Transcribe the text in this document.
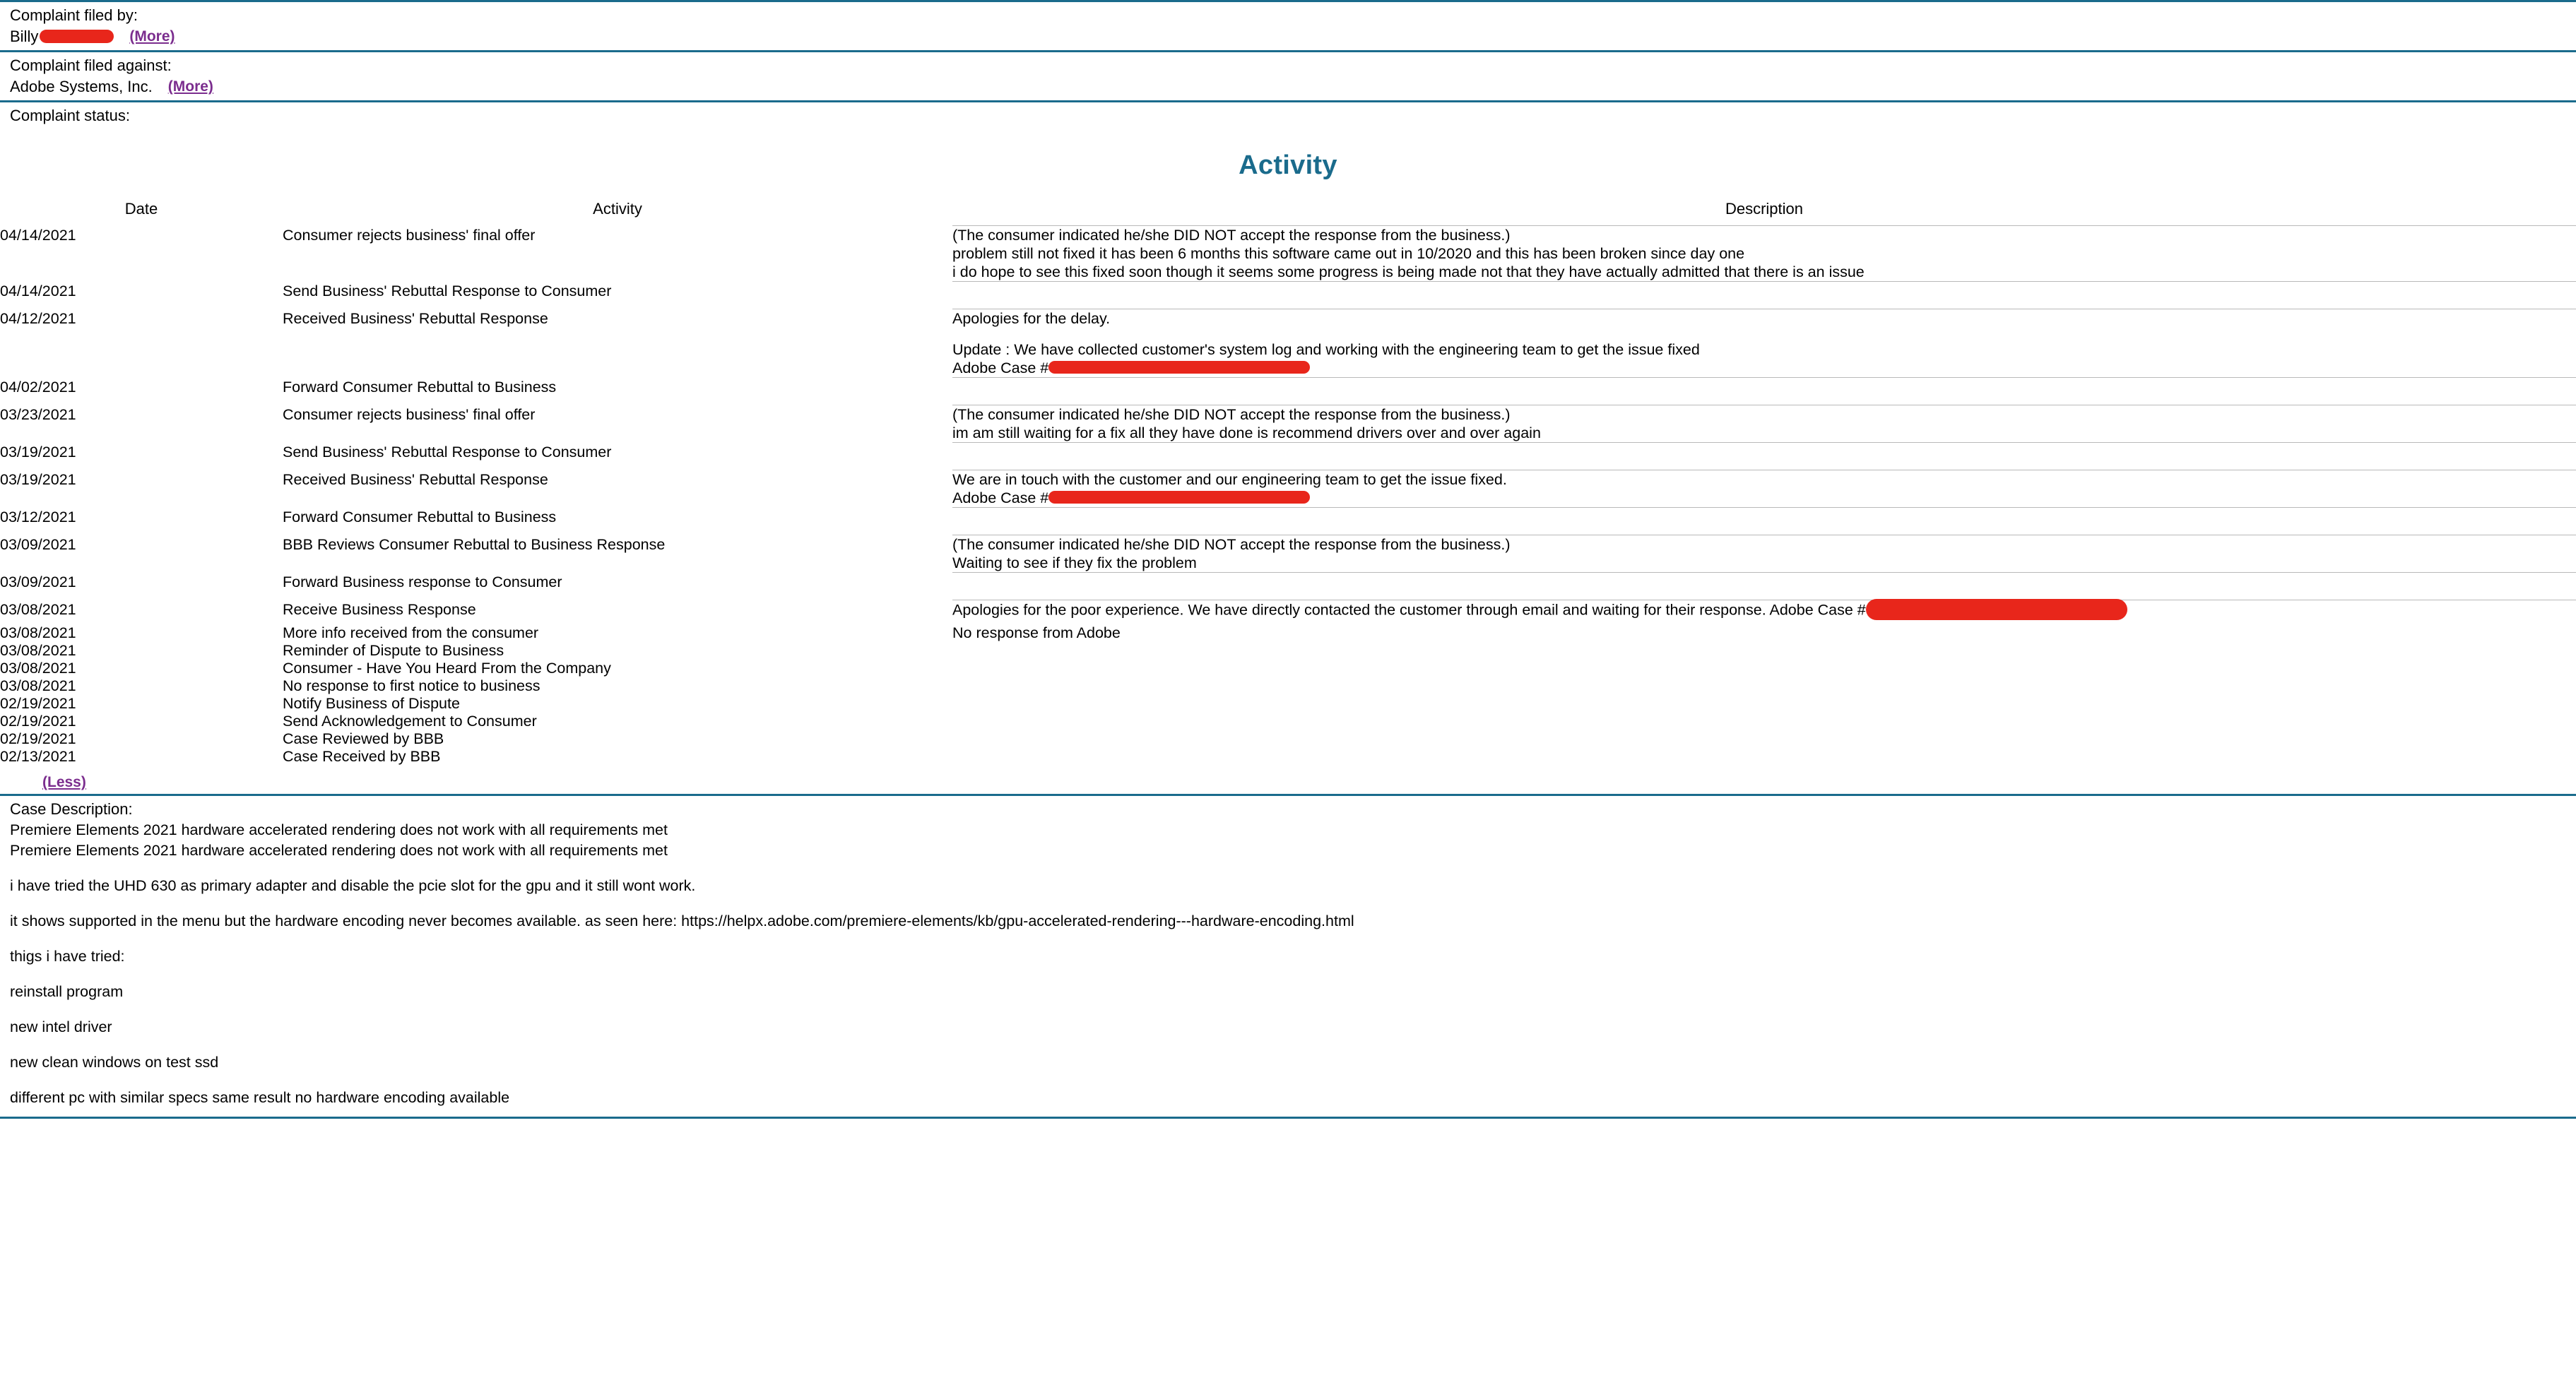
Complaint filed by:
Billy	(More)
Complaint filed against:
Adobe Systems, Inc. (More)
Complaint status:
Activity
Date	Activity	Description
04/14/2021	Consumer rejects business' final offer	(The consumer indicated he/she DID NOT accept the response from the business.)
problem still not fixed it has been 6 months this software came out in 10/2020 and this has been broken since day one
i do hope to see this fixed soon though it seems some progress is being made not that they have actually admitted that there is an issue

04/14/2021	Send Business' Rebuttal Response to Consumer	
04/12/2021	Received Business' Rebuttal Response	Apologies for the delay.
Update : We have collected customer's system log and working with the engineering team to get the issue fixed
Adobe Case #

04/02/2021	Forward Consumer Rebuttal to Business	
03/23/2021	Consumer rejects business' final offer	(The consumer indicated he/she DID NOT accept the response from the business.)
im am still waiting for a fix all they have done is recommend drivers over and over again

03/19/2021	Send Business' Rebuttal Response to Consumer	
03/19/2021	Received Business' Rebuttal Response	We are in touch with the customer and our engineering team to get the issue fixed.
Adobe Case #

03/12/2021	Forward Consumer Rebuttal to Business	
03/09/2021	BBB Reviews Consumer Rebuttal to Business Response	(The consumer indicated he/she DID NOT accept the response from the business.)
Waiting to see if they fix the problem

03/09/2021	Forward Business response to Consumer	
03/08/2021	Receive Business Response	Apologies for the poor experience. We have directly contacted the customer through email and waiting for their response. Adobe Case #
03/08/2021	More info received from the consumer	No response from Adobe
03/08/2021	Reminder of Dispute to Business	
03/08/2021	Consumer - Have You Heard From the Company	
03/08/2021	No response to first notice to business	
02/19/2021	Notify Business of Dispute	
02/19/2021	Send Acknowledgement to Consumer	
02/19/2021	Case Reviewed by BBB	
02/13/2021	Case Received by BBB	
(Less)
Case Description:

Premiere Elements 2021 hardware accelerated rendering does not work with all requirements met

Premiere Elements 2021 hardware accelerated rendering does not work with all requirements met

i have tried the UHD 630 as primary adapter and disable the pcie slot for the gpu and it still wont work.

it shows supported in the menu but the hardware encoding never becomes available. as seen here: https://helpx.adobe.com/premiere-elements/kb/gpu-accelerated-rendering---hardware-encoding.html

thigs i have tried:

reinstall program

new intel driver

new clean windows on test ssd

different pc with similar specs same result no hardware encoding available
